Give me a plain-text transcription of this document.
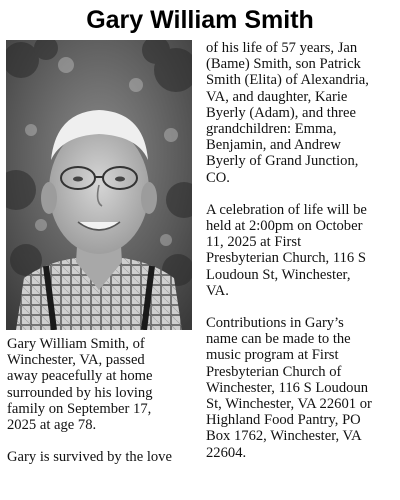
Gary William Smith
Gary William Smith, of
Winchester, VA, passed
away peacefully at home
surrounded by his loving
family on September 17,
2025 at age 78.
Gary is survived by the love
of his life of 57 years, Jan
(Bame) Smith, son Patrick
Smith (Elita) of Alexandria,
VA, and daughter, Karie
Byerly (Adam), and three
grandchildren: Emma,
Benjamin, and Andrew
Byerly of Grand Junction,
CO.
A celebration of life will be
held at 2:00pm on October
11, 2025 at First
Presbyterian Church, 116 S
Loudoun St, Winchester,
VA.
Contributions in Gary’s
name can be made to the
music program at First
Presbyterian Church of
Winchester, 116 S Loudoun
St, Winchester, VA 22601 or
Highland Food Pantry, PO
Box 1762, Winchester, VA
22604.
